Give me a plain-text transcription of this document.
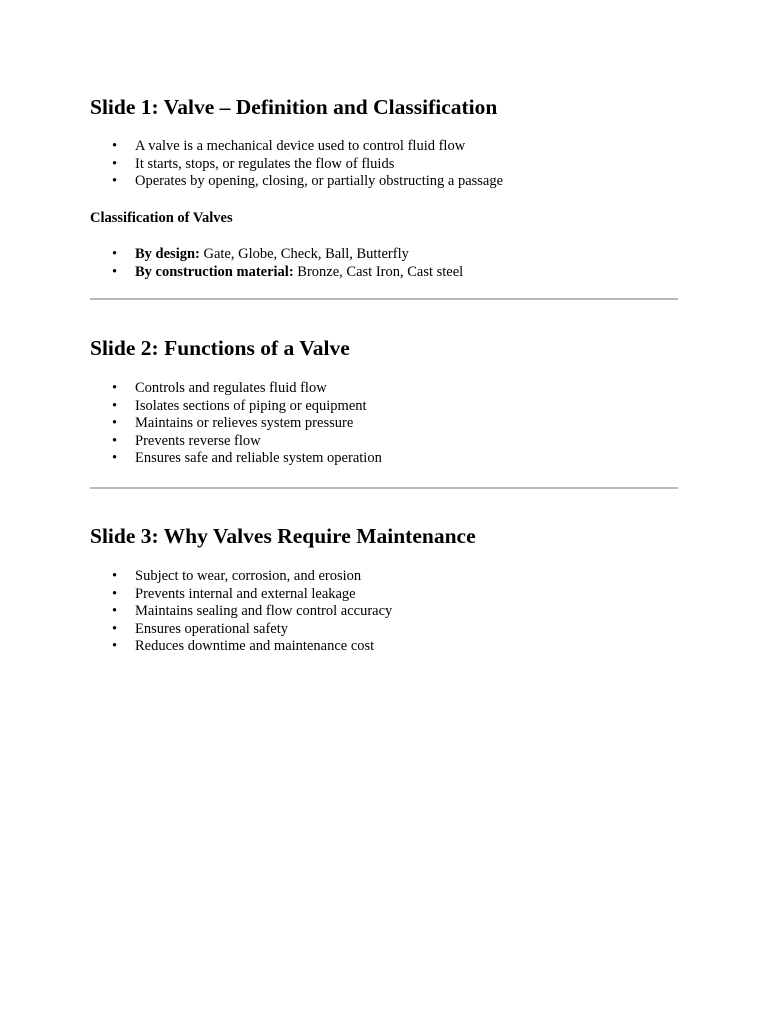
Slide 1: Valve – Definition and Classification
• A valve is a mechanical device used to control fluid flow
• It starts, stops, or regulates the flow of fluids
• Operates by opening, closing, or partially obstructing a passage

Classification of Valves

• By design: Gate, Globe, Check, Ball, Butterfly
• By construction material: Bronze, Cast Iron, Cast steel
Slide 2: Functions of a Valve
• Controls and regulates fluid flow
• Isolates sections of piping or equipment
• Maintains or relieves system pressure
• Prevents reverse flow
• Ensures safe and reliable system operation
Slide 3: Why Valves Require Maintenance
• Subject to wear, corrosion, and erosion
• Prevents internal and external leakage
• Maintains sealing and flow control accuracy
• Ensures operational safety
• Reduces downtime and maintenance cost
